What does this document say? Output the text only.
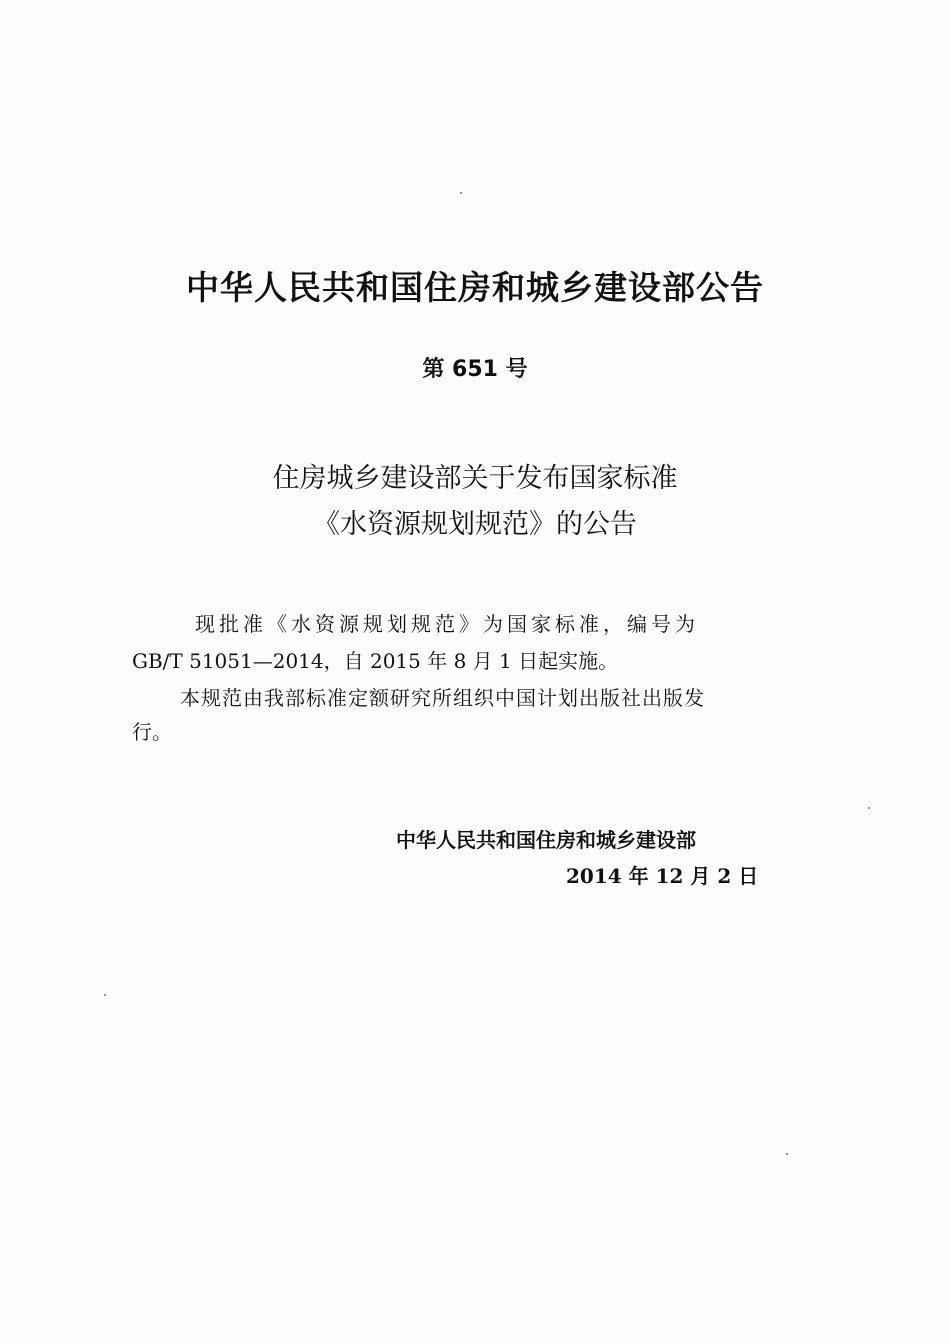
中华人民共和国住房和城乡建设部公告
第 651 号
住房城乡建设部关于发布国家标准
《水资源规划规范》的公告
现批准《水资源规划规范》为国家标准，编号为
GB/T 51051—2014，自 2015 年 8 月 1 日起实施。
本规范由我部标准定额研究所组织中国计划出版社出版发
行。
中华人民共和国住房和城乡建设部
2014 年 12 月 2 日
